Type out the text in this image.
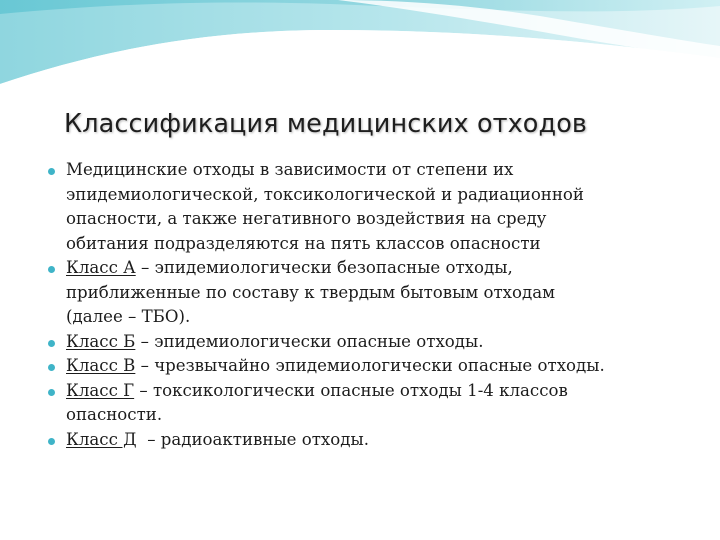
Классификация медицинских отходов
Медицинские отходы в зависимости от степени их
эпидемиологической, токсикологической и радиационной
опасности, а также негативного воздействия на среду
обитания подразделяются на пять классов опасности
Класс А – эпидемиологически безопасные отходы,
приближенные по составу к твердым бытовым отходам
(далее – ТБО).
Класс Б – эпидемиологически опасные отходы.
Класс В – чрезвычайно эпидемиологически опасные отходы.
Класс Г – токсикологически опасные отходы 1-4 классов
опасности.
Класс Д  – радиоактивные отходы.
